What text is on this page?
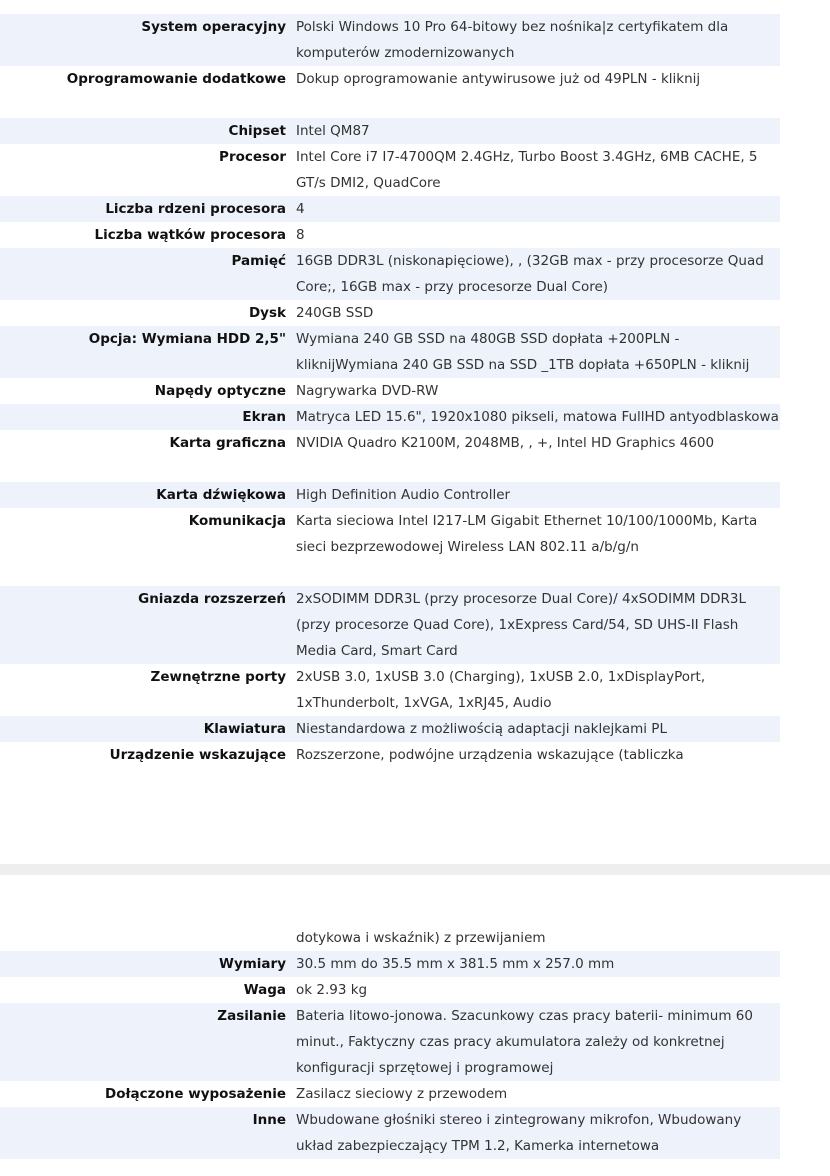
System operacyjny	Polski Windows 10 Pro 64-bitowy bez nośnika|z certyfikatem dla komputerów zmodernizowanych
Oprogramowanie dodatkowe	Dokup oprogramowanie antywirusowe już od 49PLN - kliknij
Chipset	Intel QM87
Procesor	Intel Core i7 I7-4700QM 2.4GHz, Turbo Boost 3.4GHz, 6MB CACHE, 5 GT/s DMI2, QuadCore
Liczba rdzeni procesora	4
Liczba wątków procesora	8
Pamięć	16GB DDR3L (niskonapięciowe), , (32GB max - przy procesorze Quad Core;, 16GB max - przy procesorze Dual Core)
Dysk	240GB SSD
Opcja: Wymiana HDD 2,5"	Wymiana 240 GB SSD na 480GB SSD dopłata +200PLN - kliknijWymiana 240 GB SSD na SSD _1TB dopłata +650PLN - kliknij
Napędy optyczne	Nagrywarka DVD-RW
Ekran	Matryca LED 15.6", 1920x1080 pikseli, matowa FullHD antyodblaskowa
Karta graficzna	NVIDIA Quadro K2100M, 2048MB, , +, Intel HD Graphics 4600
Karta dźwiękowa	High Definition Audio Controller
Komunikacja	Karta sieciowa Intel I217-LM Gigabit Ethernet 10/100/1000Mb, Karta sieci bezprzewodowej Wireless LAN 802.11 a/b/g/n
Gniazda rozszerzeń	2xSODIMM DDR3L (przy procesorze Dual Core)/ 4xSODIMM DDR3L (przy procesorze Quad Core), 1xExpress Card/54, SD UHS-II Flash Media Card, Smart Card
Zewnętrzne porty	2xUSB 3.0, 1xUSB 3.0 (Charging), 1xUSB 2.0, 1xDisplayPort, 1xThunderbolt, 1xVGA, 1xRJ45, Audio
Klawiatura	Niestandardowa z możliwością adaptacji naklejkami PL
Urządzenie wskazujące	Rozszerzone, podwójne urządzenia wskazujące (tabliczka
	dotykowa i wskaźnik) z przewijaniem
Wymiary	30.5 mm do 35.5 mm x 381.5 mm x 257.0 mm
Waga	ok 2.93 kg
Zasilanie	Bateria litowo-jonowa. Szacunkowy czas pracy baterii- minimum 60 minut., Faktyczny czas pracy akumulatora zależy od konkretnej konfiguracji sprzętowej i programowej
Dołączone wyposażenie	Zasilacz sieciowy z przewodem
Inne	Wbudowane głośniki stereo i zintegrowany mikrofon, Wbudowany układ zabezpieczający TPM 1.2, Kamerka internetowa
